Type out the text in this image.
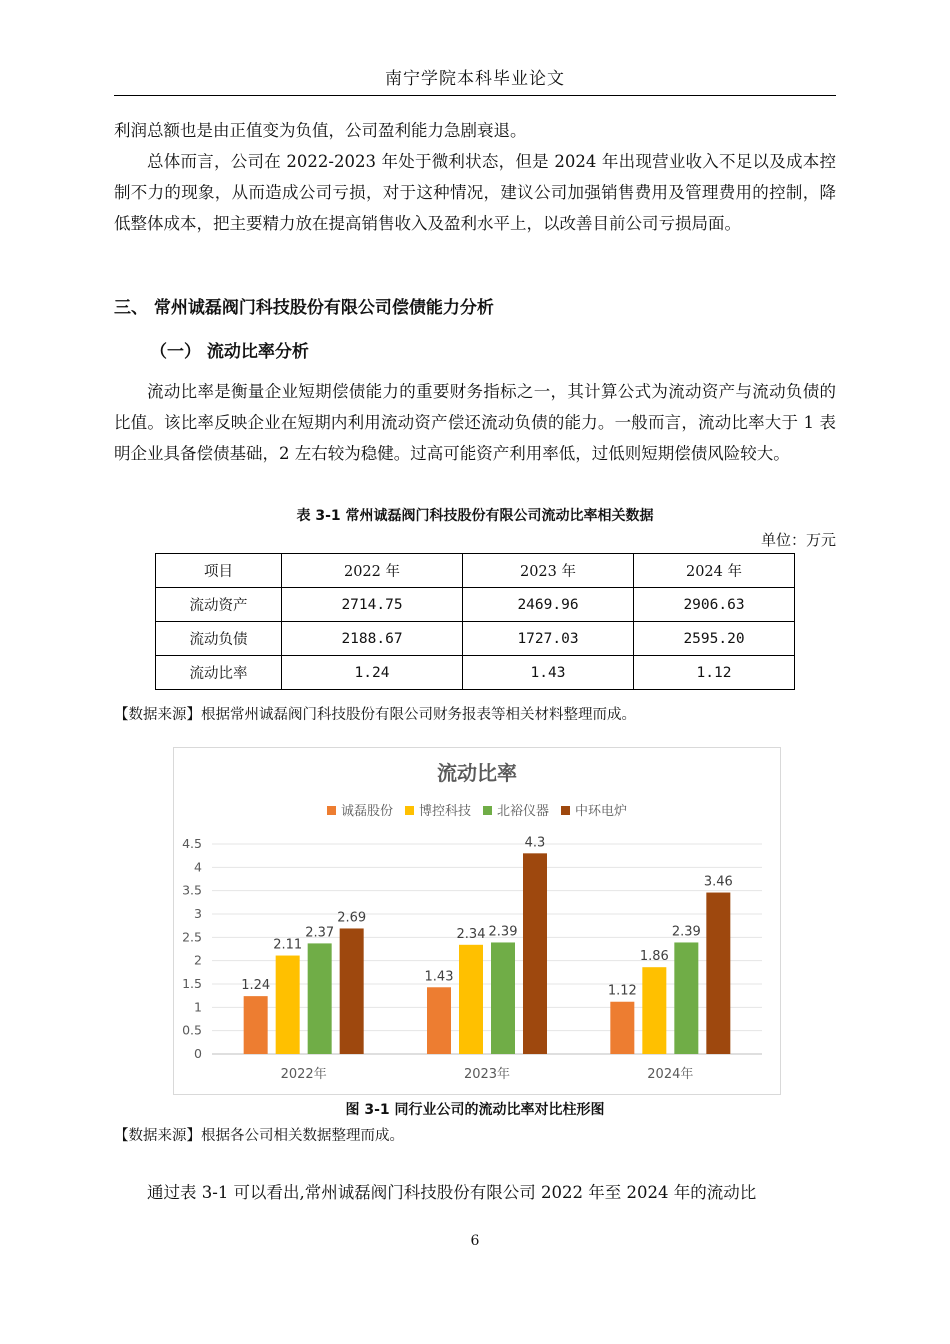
南宁学院本科毕业论文

利润总额也是由正值变为负值，公司盈利能力急剧衰退。

总体而言，公司在 2022-2023 年处于微利状态，但是 2024 年出现营业收入不足以及成本控制不力的现象，从而造成公司亏损，对于这种情况，建议公司加强销售费用及管理费用的控制，降低整体成本，把主要精力放在提高销售收入及盈利水平上，以改善目前公司亏损局面。

三、 常州诚磊阀门科技股份有限公司偿债能力分析
（一） 流动比率分析

流动比率是衡量企业短期偿债能力的重要财务指标之一，其计算公式为流动资产与流动负债的比值。该比率反映企业在短期内利用流动资产偿还流动负债的能力。一般而言，流动比率大于 1 表明企业具备偿债基础，2 左右较为稳健。过高可能资产利用率低，过低则短期偿债风险较大。

表 3-1 常州诚磊阀门科技股份有限公司流动比率相关数据
单位：万元
项目	2022 年	2023 年	2024 年
流动资产	2714.75	2469.96	2906.63
流动负债	2188.67	1727.03	2595.20
流动比率	1.24	1.43	1.12
【数据来源】根据常州诚磊阀门科技股份有限公司财务报表等相关材料整理而成。
流动比率
诚磊股份 博控科技 北裕仪器 中环电炉
0
0.5
1
1.5
2
2.5
3
3.5
4
4.5
1.24
2.11
2.37
2.69
2022年
1.43
2.34 2.39
4.3
2023年
1.12
1.86
2.39
3.46
2024年
图 3-1 同行业公司的流动比率对比柱形图
【数据来源】根据各公司相关数据整理而成。

通过表 3-1 可以看出,常州诚磊阀门科技股份有限公司 2022 年至 2024 年的流动比

6
